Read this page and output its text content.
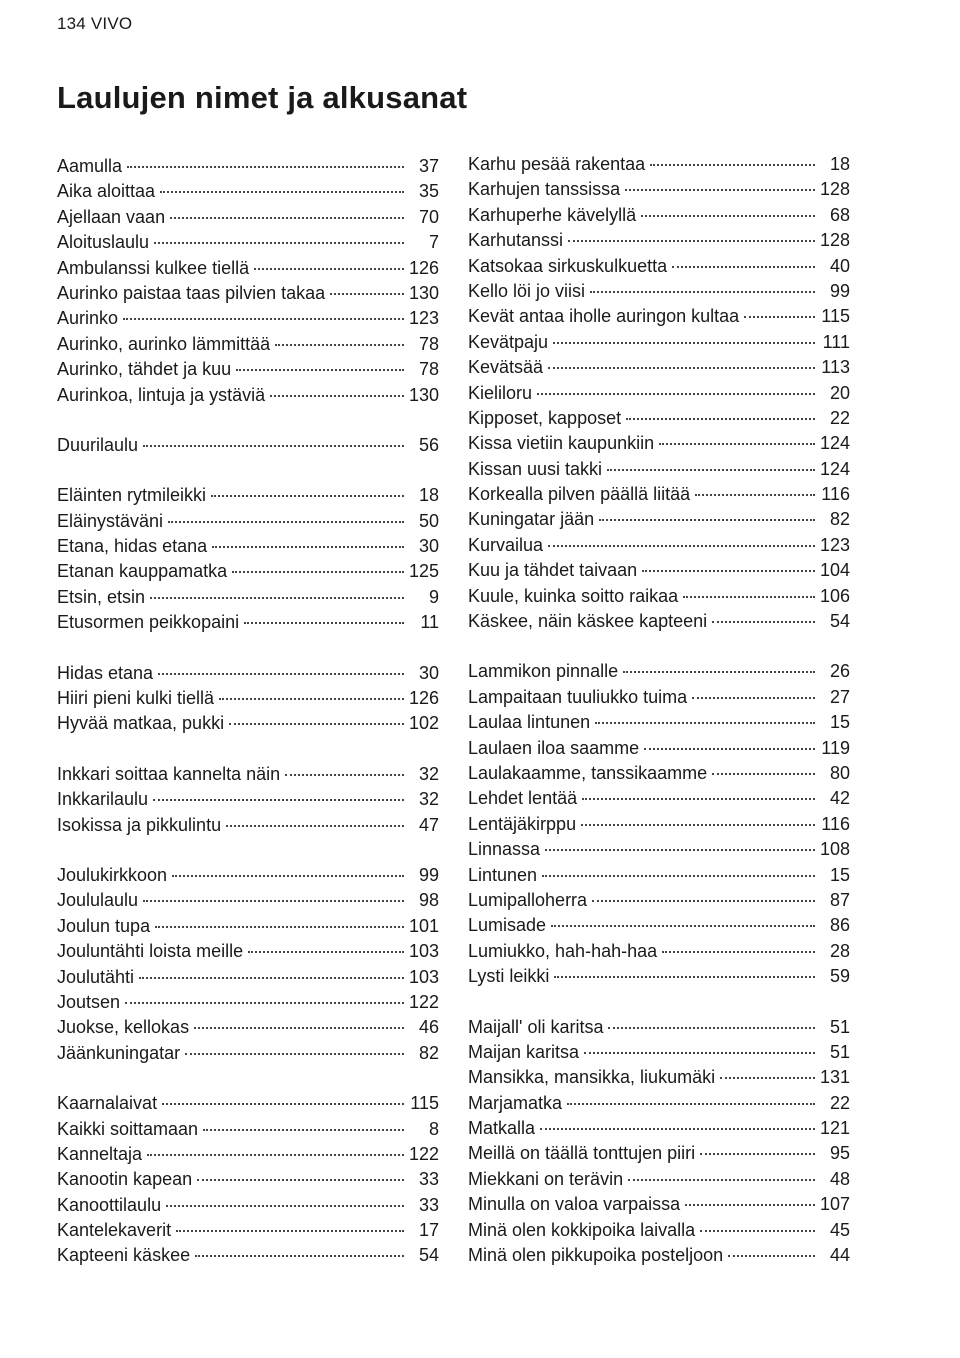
134 VIVO
Laulujen nimet ja alkusanat
Aamulla	37
Aika aloittaa	35
Ajellaan vaan	70
Aloituslaulu	7
Ambulanssi kulkee tiellä	126
Aurinko paistaa taas pilvien takaa	130
Aurinko	123
Aurinko, aurinko lämmittää	78
Aurinko, tähdet ja kuu	78
Aurinkoa, lintuja ja ystäviä	130
Duurilaulu	56
Eläinten rytmileikki	18
Eläinystäväni	50
Etana, hidas etana	30
Etanan kauppamatka	125
Etsin, etsin	9
Etusormen peikkopaini	11
Hidas etana	30
Hiiri pieni kulki tiellä	126
Hyvää matkaa, pukki	102
Inkkari soittaa kannelta näin	32
Inkkarilaulu	32
Isokissa ja pikkulintu	47
Joulukirkkoon	99
Joululaulu	98
Joulun tupa	101
Jouluntähti loista meille	103
Joulutähti	103
Joutsen	122
Juokse, kellokas	46
Jäänkuningatar	82
Kaarnalaivat	115
Kaikki soittamaan	8
Kanneltaja	122
Kanootin kapean	33
Kanoottilaulu	33
Kantelekaverit	17
Kapteeni käskee	54
Karhu pesää rakentaa	18
Karhujen tanssissa	128
Karhuperhe kävelyllä	68
Karhutanssi	128
Katsokaa sirkuskulkuetta	40
Kello löi jo viisi	99
Kevät antaa iholle auringon kultaa	115
Kevätpaju	111
Kevätsää	113
Kieliloru	20
Kipposet, kapposet	22
Kissa vietiin kaupunkiin	124
Kissan uusi takki	124
Korkealla pilven päällä liitää	116
Kuningatar jään	82
Kurvailua	123
Kuu ja tähdet taivaan	104
Kuule, kuinka soitto raikaa	106
Käskee, näin käskee kapteeni	54
Lammikon pinnalle	26
Lampaitaan tuuliukko tuima	27
Laulaa lintunen	15
Laulaen iloa saamme	119
Laulakaamme, tanssikaamme	80
Lehdet lentää	42
Lentäjäkirppu	116
Linnassa	108
Lintunen	15
Lumipalloherra	87
Lumisade	86
Lumiukko, hah-hah-haa	28
Lysti leikki	59
Maijall' oli karitsa	51
Maijan karitsa	51
Mansikka, mansikka, liukumäki	131
Marjamatka	22
Matkalla	121
Meillä on täällä tonttujen piiri	95
Miekkani on terävin	48
Minulla on valoa varpaissa	107
Minä olen kokkipoika laivalla	45
Minä olen pikkupoika posteljoon	44
